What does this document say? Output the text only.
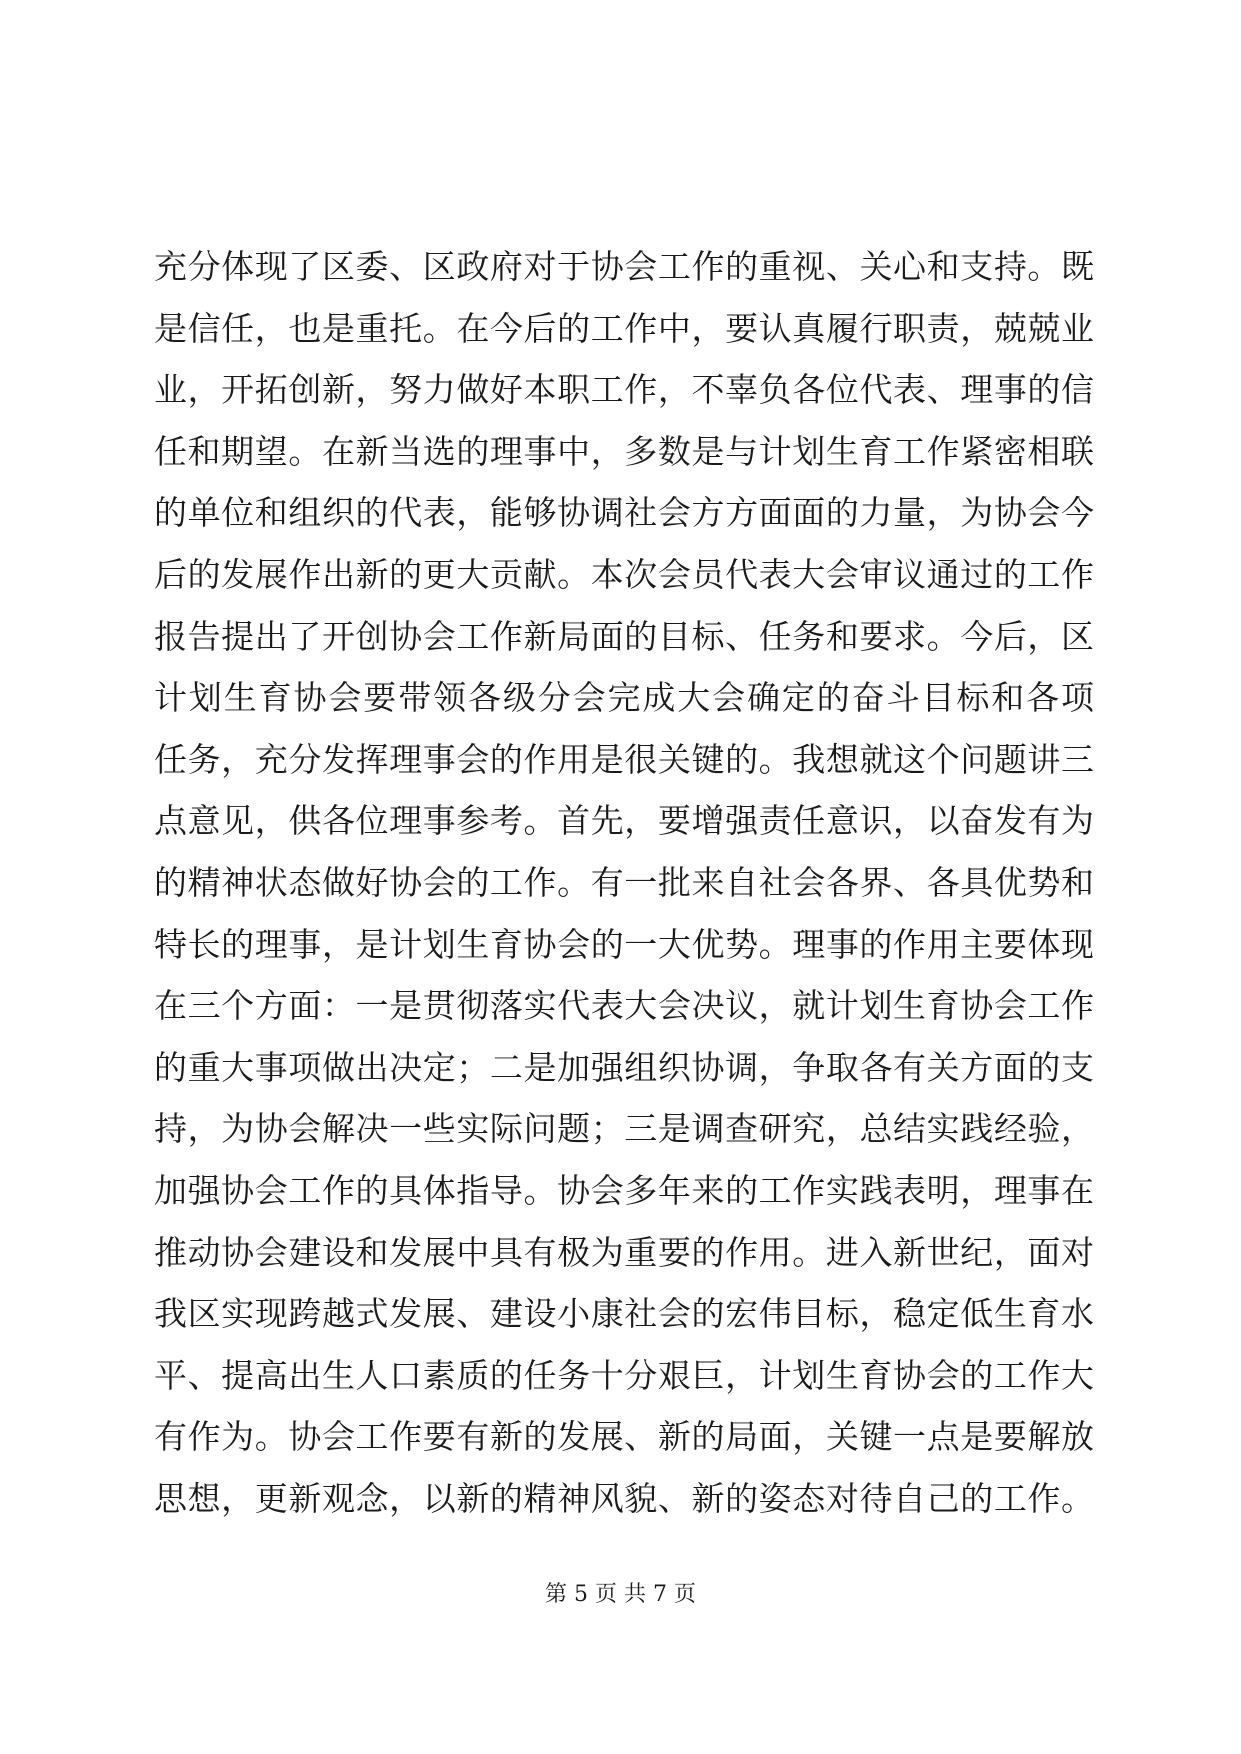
充分体现了区委、区政府对于协会工作的重视、关心和支持。既
是信任，也是重托。在今后的工作中，要认真履行职责，兢兢业
业，开拓创新，努力做好本职工作，不辜负各位代表、理事的信
任和期望。在新当选的理事中，多数是与计划生育工作紧密相联
的单位和组织的代表，能够协调社会方方面面的力量，为协会今
后的发展作出新的更大贡献。本次会员代表大会审议通过的工作
报告提出了开创协会工作新局面的目标、任务和要求。今后，区
计划生育协会要带领各级分会完成大会确定的奋斗目标和各项
任务，充分发挥理事会的作用是很关键的。我想就这个问题讲三
点意见，供各位理事参考。首先，要增强责任意识，以奋发有为
的精神状态做好协会的工作。有一批来自社会各界、各具优势和
特长的理事，是计划生育协会的一大优势。理事的作用主要体现
在三个方面：一是贯彻落实代表大会决议，就计划生育协会工作
的重大事项做出决定；二是加强组织协调，争取各有关方面的支
持，为协会解决一些实际问题；三是调查研究，总结实践经验，
加强协会工作的具体指导。协会多年来的工作实践表明，理事在
推动协会建设和发展中具有极为重要的作用。进入新世纪，面对
我区实现跨越式发展、建设小康社会的宏伟目标，稳定低生育水
平、提高出生人口素质的任务十分艰巨，计划生育协会的工作大
有作为。协会工作要有新的发展、新的局面，关键一点是要解放
思想，更新观念，以新的精神风貌、新的姿态对待自己的工作。
第 5 页 共 7 页
